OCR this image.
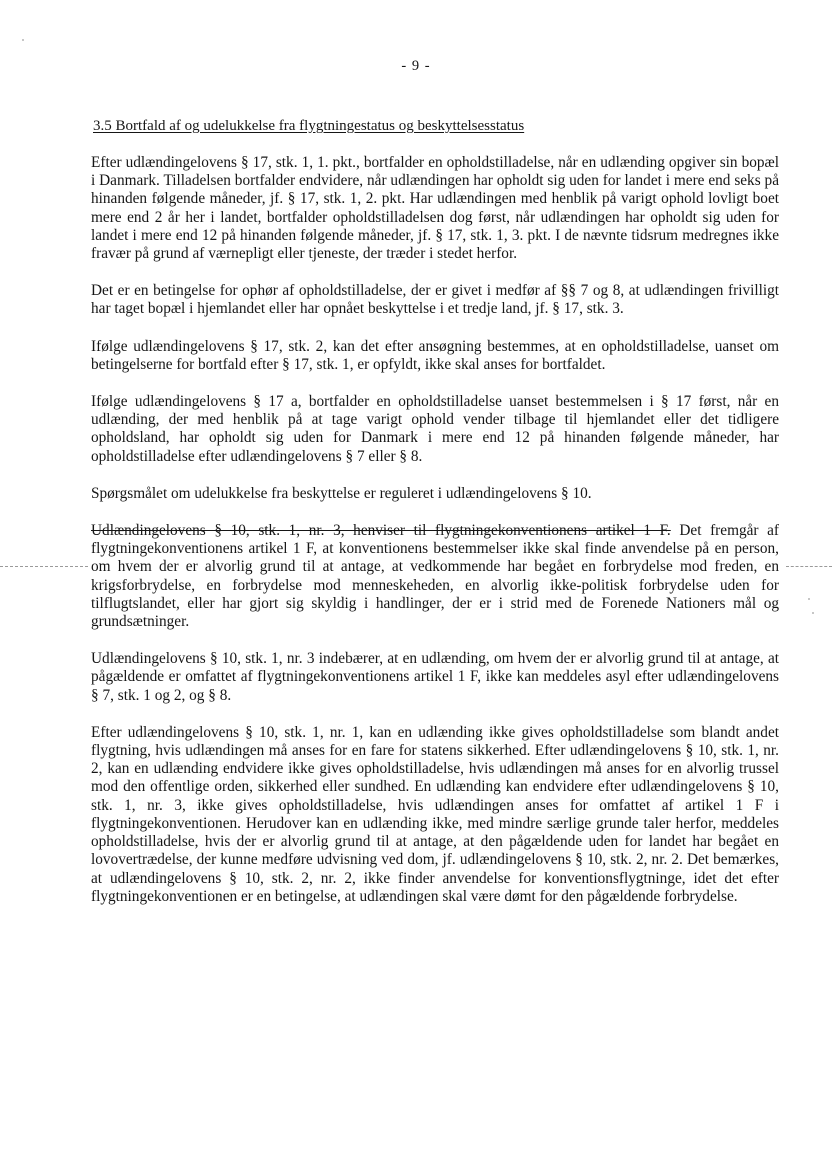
- 9 -
3.5 Bortfald af og udelukkelse fra flygtningestatus og beskyttelsesstatus

Efter udlændingelovens § 17, stk. 1, 1. pkt., bortfalder en opholdstilladelse, når en udlænding opgiver sin bopæl i Danmark. Tilladelsen bortfalder endvidere, når udlændingen har opholdt sig uden for landet i mere end seks på hinanden følgende måneder, jf. § 17, stk. 1, 2. pkt. Har udlændingen med henblik på varigt ophold lovligt boet mere end 2 år her i landet, bortfalder opholdstilladelsen dog først, når udlændingen har opholdt sig uden for landet i mere end 12 på hinanden følgende måneder, jf. § 17, stk. 1, 3. pkt. I de nævnte tidsrum medregnes ikke fravær på grund af værnepligt eller tjeneste, der træder i stedet herfor.

Det er en betingelse for ophør af opholdstilladelse, der er givet i medfør af §§ 7 og 8, at udlændingen frivilligt har taget bopæl i hjemlandet eller har opnået beskyttelse i et tredje land, jf. § 17, stk. 3.

Ifølge udlændingelovens § 17, stk. 2, kan det efter ansøgning bestemmes, at en opholdstilladelse, uanset om betingelserne for bortfald efter § 17, stk. 1, er opfyldt, ikke skal anses for bortfaldet.

Ifølge udlændingelovens § 17 a, bortfalder en opholdstilladelse uanset bestemmelsen i § 17 først, når en udlænding, der med henblik på at tage varigt ophold vender tilbage til hjemlandet eller det tidligere opholdsland, har opholdt sig uden for Danmark i mere end 12 på hinanden følgende måneder, har opholdstilladelse efter udlændingelovens § 7 eller § 8.

Spørgsmålet om udelukkelse fra beskyttelse er reguleret i udlændingelovens § 10.

Udlændingelovens § 10, stk. 1, nr. 3, henviser til flygtningekonventionens artikel 1 F. Det fremgår af flygtningekonventionens artikel 1 F, at konventionens bestemmelser ikke skal finde anvendelse på en person, om hvem der er alvorlig grund til at antage, at vedkommende har begået en forbrydelse mod freden, en krigsforbrydelse, en forbrydelse mod menneskeheden, en alvorlig ikke-politisk forbrydelse uden for tilflugtslandet, eller har gjort sig skyldig i handlinger, der er i strid med de Forenede Nationers mål og grundsætninger.

Udlændingelovens § 10, stk. 1, nr. 3 indebærer, at en udlænding, om hvem der er alvorlig grund til at antage, at pågældende er omfattet af flygtningekonventionens artikel 1 F, ikke kan meddeles asyl efter udlændingelovens § 7, stk. 1 og 2, og § 8.

Efter udlændingelovens § 10, stk. 1, nr. 1, kan en udlænding ikke gives opholdstilladelse som blandt andet flygtning, hvis udlændingen må anses for en fare for statens sikkerhed. Efter udlændingelovens § 10, stk. 1, nr. 2, kan en udlænding endvidere ikke gives opholdstilladelse, hvis udlændingen må anses for en alvorlig trussel mod den offentlige orden, sikkerhed eller sundhed. En udlænding kan endvidere efter udlændingelovens § 10, stk. 1, nr. 3, ikke gives opholdstilladelse, hvis udlændingen anses for omfattet af artikel 1 F i flygtningekonventionen. Herudover kan en udlænding ikke, med mindre særlige grunde taler herfor, meddeles opholdstilladelse, hvis der er alvorlig grund til at antage, at den pågældende uden for landet har begået en lovovertrædelse, der kunne medføre udvisning ved dom, jf. udlændingelovens § 10, stk. 2, nr. 2. Det bemærkes, at udlændingelovens § 10, stk. 2, nr. 2, ikke finder anvendelse for konventionsflygtninge, idet det efter flygtningekonventionen er en betingelse, at udlændingen skal være dømt for den pågældende forbrydelse.
